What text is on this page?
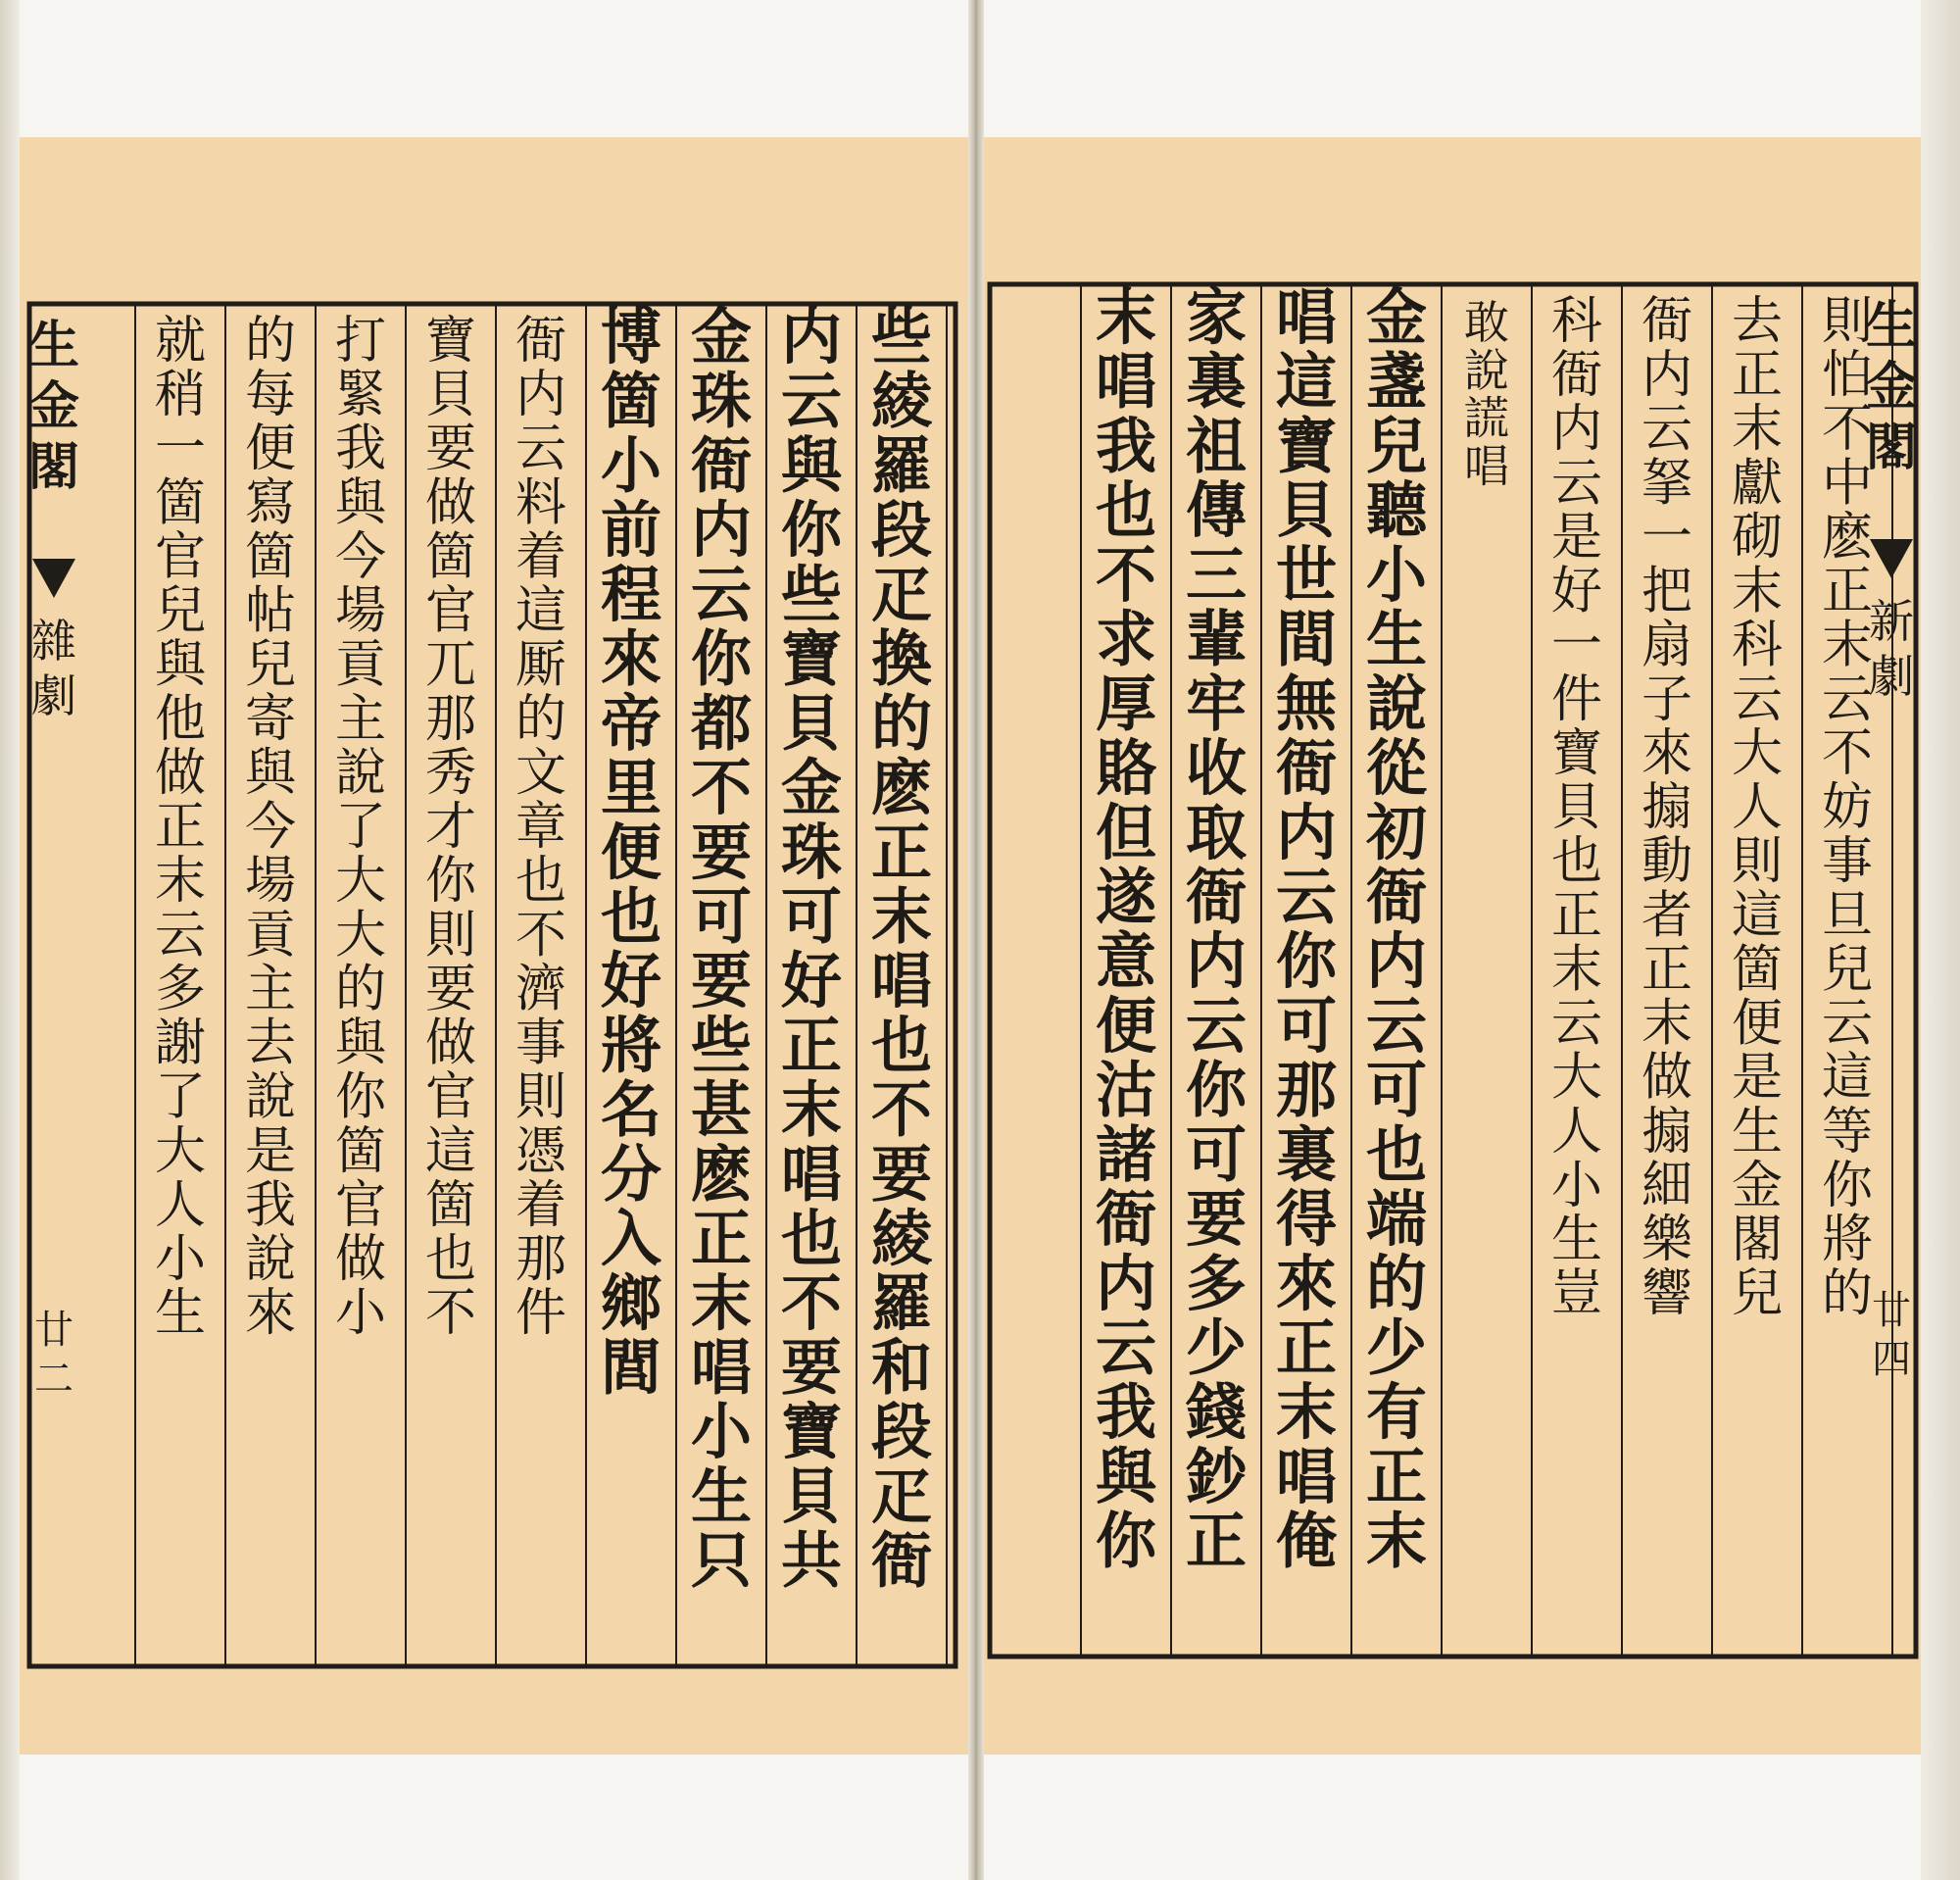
生
金
閣
新
劇
廿
四
則
怕
不
中
麽
正
末
云
不
妨
事
旦
兒
云
這
等
你
將
的
去
正
末
獻
砌
末
科
云
大
人
則
這
箇
便
是
生
金
閣
兒
衙
内
云
拏
一
把
扇
子
來
搧
動
者
正
末
做
搧
細
樂
響
科
衙
内
云
是
好
一
件
寶
貝
也
正
末
云
大
人
小
生
豈
敢
說
謊
唱
金
盞
兒
聽
小
生
說
從
初
衙
内
云
可
也
端
的
少
有
正
末
唱
這
寶
貝
世
間
無
衙
内
云
你
可
那
裏
得
來
正
末
唱
俺
家
裏
祖
傳
三
輩
牢
收
取
衙
内
云
你
可
要
多
少
錢
鈔
正
末
唱
我
也
不
求
厚
賂
但
遂
意
便
沽
諸
衙
内
云
我
與
你
生
金
閣
雜
劇
廿
二
些
綾
羅
段
疋
換
的
麽
正
末
唱
也
不
要
綾
羅
和
段
疋
衙
内
云
與
你
些
寶
貝
金
珠
可
好
正
末
唱
也
不
要
寶
貝
共
金
珠
衙
内
云
你
都
不
要
可
要
些
甚
麽
正
末
唱
小
生
只
博
箇
小
前
程
來
帝
里
便
也
好
將
名
分
入
鄉
閭
衙
内
云
料
着
這
厮
的
文
章
也
不
濟
事
則
憑
着
那
件
寶
貝
要
做
箇
官
兀
那
秀
才
你
則
要
做
官
這
箇
也
不
打
緊
我
與
今
場
貢
主
說
了
大
大
的
與
你
箇
官
做
小
的
每
便
寫
箇
帖
兒
寄
與
今
場
貢
主
去
說
是
我
說
來
就
稍
一
箇
官
兒
與
他
做
正
末
云
多
謝
了
大
人
小
生
